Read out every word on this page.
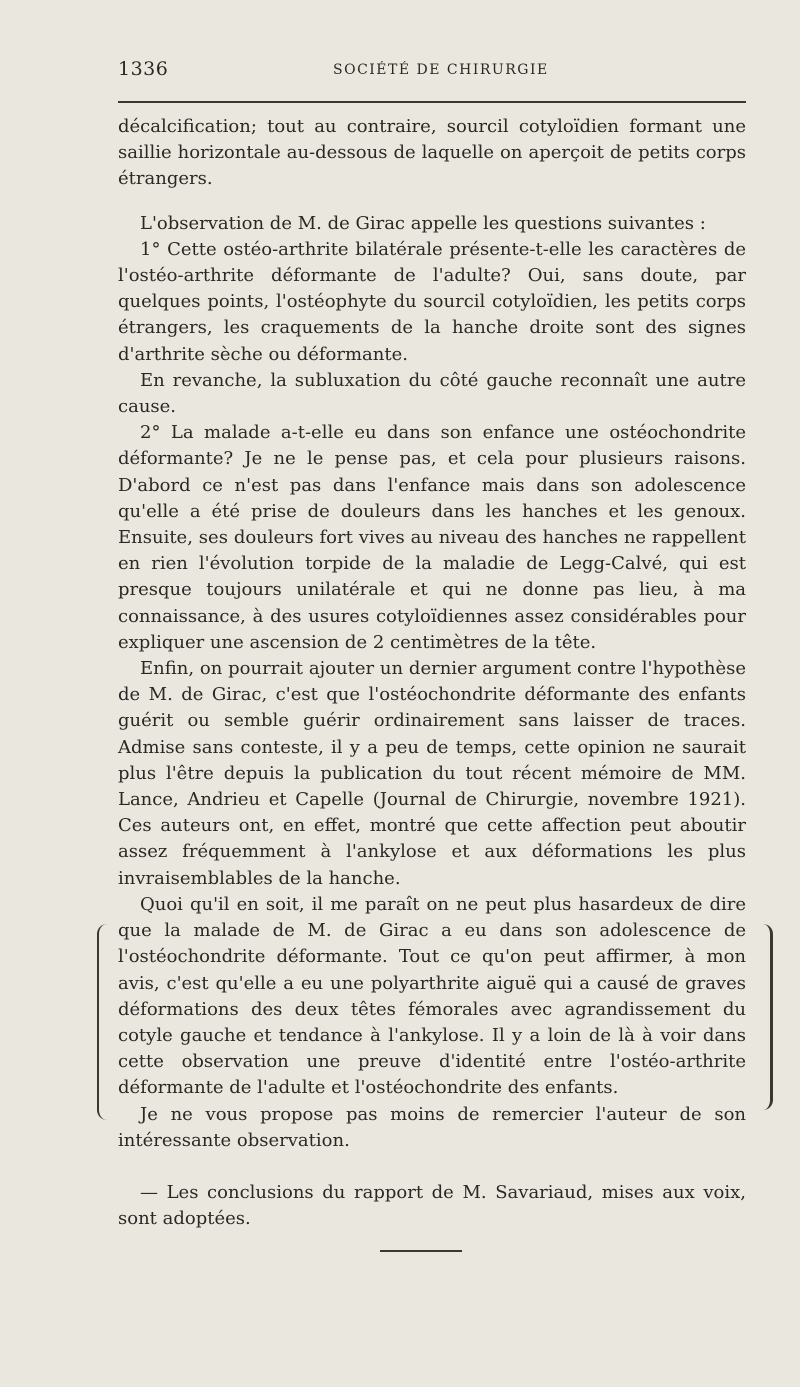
1336	SOCIÉTÉ DE CHIRURGIE

décalcification; tout au contraire, sourcil cotyloïdien formant une saillie horizontale au-dessous de laquelle on aperçoit de petits corps étrangers.

L'observation de M. de Girac appelle les questions suivantes :

1° Cette ostéo-arthrite bilatérale présente-t-elle les caractères de l'ostéo-arthrite déformante de l'adulte? Oui, sans doute, par quelques points, l'ostéophyte du sourcil cotyloïdien, les petits corps étrangers, les craquements de la hanche droite sont des signes d'arthrite sèche ou déformante.

En revanche, la subluxation du côté gauche reconnaît une autre cause.

2° La malade a-t-elle eu dans son enfance une ostéochondrite déformante? Je ne le pense pas, et cela pour plusieurs raisons. D'abord ce n'est pas dans l'enfance mais dans son adolescence qu'elle a été prise de douleurs dans les hanches et les genoux. Ensuite, ses douleurs fort vives au niveau des hanches ne rappellent en rien l'évolution torpide de la maladie de Legg-Calvé, qui est presque toujours unilatérale et qui ne donne pas lieu, à ma connaissance, à des usures cotyloïdiennes assez considérables pour expliquer une ascension de 2 centimètres de la tête.

Enfin, on pourrait ajouter un dernier argument contre l'hypothèse de M. de Girac, c'est que l'ostéochondrite déformante des enfants guérit ou semble guérir ordinairement sans laisser de traces. Admise sans conteste, il y a peu de temps, cette opinion ne saurait plus l'être depuis la publication du tout récent mémoire de MM. Lance, Andrieu et Capelle (Journal de Chirurgie, novembre 1921). Ces auteurs ont, en effet, montré que cette affection peut aboutir assez fréquemment à l'ankylose et aux déformations les plus invraisemblables de la hanche.

Quoi qu'il en soit, il me paraît on ne peut plus hasardeux de dire que la malade de M. de Girac a eu dans son adolescence de l'ostéochondrite déformante. Tout ce qu'on peut affirmer, à mon avis, c'est qu'elle a eu une polyarthrite aiguë qui a causé de graves déformations des deux têtes fémorales avec agrandissement du cotyle gauche et tendance à l'ankylose. Il y a loin de là à voir dans cette observation une preuve d'identité entre l'ostéo-arthrite déformante de l'adulte et l'ostéochondrite des enfants.

Je ne vous propose pas moins de remercier l'auteur de son intéressante observation.

— Les conclusions du rapport de M. Savariaud, mises aux voix, sont adoptées.
